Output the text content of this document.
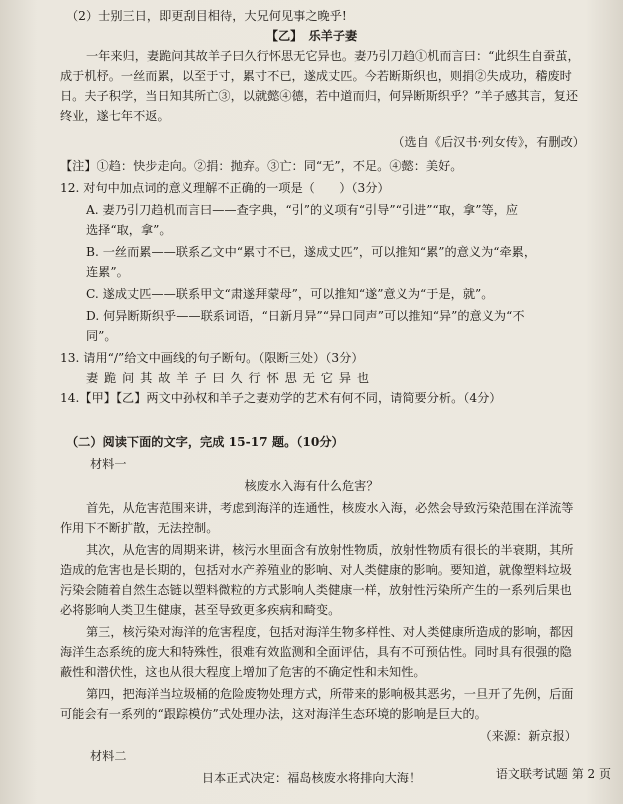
（2）士别三日，即更刮目相待，大兄何见事之晚乎!
【乙】　乐羊子妻
一年来归，妻跪问其故羊子曰久行怀思无它异也。妻乃引刀趋①机而言曰：“此织生自蚕茧，
成于机杼。一丝而累，以至于寸，累寸不已，遂成丈匹。今若断斯织也，则捐②失成功，稽废时
日。夫子积学，当日知其所亡③，以就懿④德，若中道而归，何异断斯织乎？”羊子感其言，复还
终业，遂七年不返。
（选自《后汉书·列女传》，有删改）
【注】①趋：快步走向。②捐：抛弃。③亡：同“无”，不足。④懿：美好。
12. 对句中加点词的意义理解不正确的一项是（　　）（3分）
A. 妻乃引刀趋机而言曰——查字典，“引”的义项有“引导”“引进”“取，拿”等，应
选择“取，拿”。
B. 一丝而累——联系乙文中“累寸不已，遂成丈匹”，可以推知“累”的意义为“牵累，
连累”。
C. 遂成丈匹——联系甲文“肃遂拜蒙母”，可以推知“遂”意义为“于是，就”。
D. 何异断斯织乎——联系词语，“日新月异”“异口同声”可以推知“异”的意义为“不
同”。
13. 请用“/”给文中画线的句子断句。（限断三处）（3分）
妻 跪 问 其 故 羊 子 曰 久 行 怀 思 无 它 异 也
14.【甲】【乙】两文中孙权和羊子之妻劝学的艺术有何不同，请简要分析。（4分）
（二）阅读下面的文字，完成 15-17 题。（10分）
材料一
核废水入海有什么危害？
首先，从危害范围来讲，考虑到海洋的连通性，核废水入海，必然会导致污染范围在洋流等
作用下不断扩散，无法控制。
其次，从危害的周期来讲，核污水里面含有放射性物质，放射性物质有很长的半衰期，其所
造成的危害也是长期的，包括对水产养殖业的影响、对人类健康的影响。要知道，就像塑料垃圾
污染会随着自然生态链以塑料微粒的方式影响人类健康一样，放射性污染所产生的一系列后果也
必将影响人类卫生健康，甚至导致更多疾病和畸变。
第三，核污染对海洋的危害程度，包括对海洋生物多样性、对人类健康所造成的影响，都因
海洋生态系统的庞大和特殊性，很难有效监测和全面评估，具有不可预估性。同时具有很强的隐
蔽性和潜伏性，这也从很大程度上增加了危害的不确定性和未知性。
第四，把海洋当垃圾桶的危险废物处理方式，所带来的影响极其恶劣，一旦开了先例，后面
可能会有一系列的“跟踪模仿”式处理办法，这对海洋生态环境的影响是巨大的。
（来源：新京报）
材料二
日本正式决定：福岛核废水将排向大海！	语文联考试题 第 2 页
